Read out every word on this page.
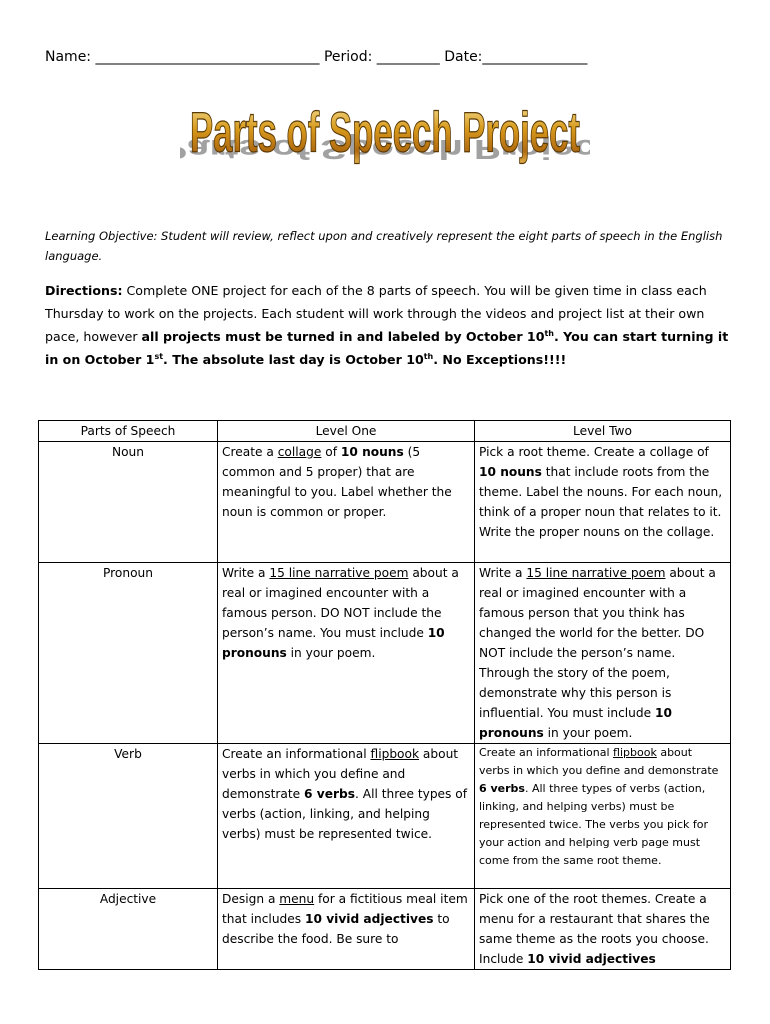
Name: ________________________________ Period: _________ Date:_______________
Parts of Speech Project
Parts of Speech Project
Learning Objective: Student will review, reflect upon and creatively represent the eight parts of speech in the English language.
Directions: Complete ONE project for each of the 8 parts of speech. You will be given time in class each Thursday to work on the projects. Each student will work through the videos and project list at their own pace, however all projects must be turned in and labeled by October 10th. You can start turning it in on October 1st. The absolute last day is October 10th. No Exceptions!!!!
Parts of Speech	Level One	Level Two
Noun	Create a collage of 10 nouns (5 common and 5 proper) that are meaningful to you. Label whether the noun is common or proper.	Pick a root theme. Create a collage of 10 nouns that include roots from the theme. Label the nouns. For each noun, think of a proper noun that relates to it. Write the proper nouns on the collage.
Pronoun	Write a 15 line narrative poem about a real or imagined encounter with a famous person. DO NOT include the person’s name. You must include 10 pronouns in your poem.	Write a 15 line narrative poem about a real or imagined encounter with a famous person that you think has changed the world for the better. DO NOT include the person’s name. Through the story of the poem, demonstrate why this person is influential. You must include 10 pronouns in your poem.
Verb	Create an informational flipbook about verbs in which you define and demonstrate 6 verbs. All three types of verbs (action, linking, and helping verbs) must be represented twice.	Create an informational flipbook about verbs in which you define and demonstrate 6 verbs. All three types of verbs (action, linking, and helping verbs) must be represented twice. The verbs you pick for your action and helping verb page must come from the same root theme.
Adjective	Design a menu for a fictitious meal item that includes 10 vivid adjectives to describe the food. Be sure to	Pick one of the root themes. Create a menu for a restaurant that shares the same theme as the roots you choose. Include 10 vivid adjectives
